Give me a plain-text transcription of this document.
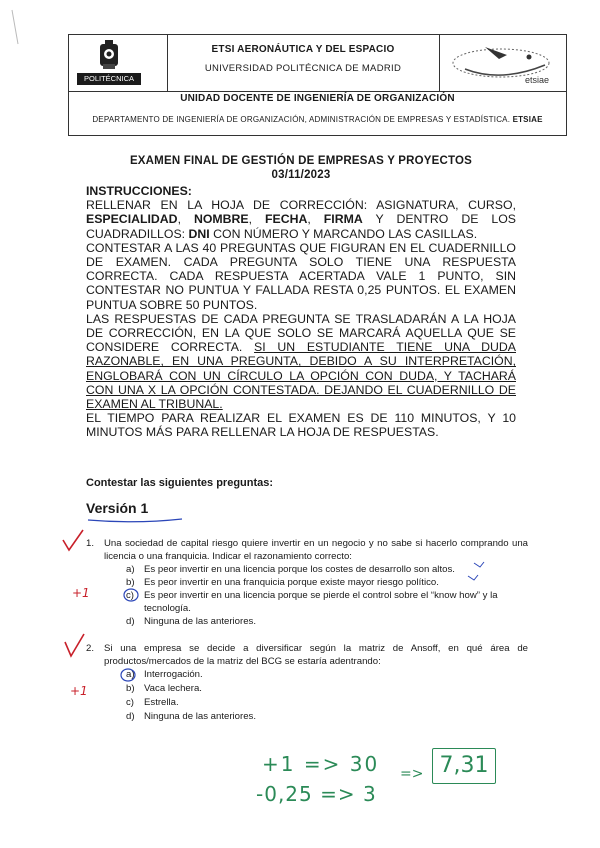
POLITÉCNICA
ETSI AERONÁUTICA Y DEL ESPACIO
UNIVERSIDAD POLITÉCNICA DE MADRID
etsiae
UNIDAD DOCENTE DE INGENIERÍA DE ORGANIZACIÓN
DEPARTAMENTO DE INGENIERÍA DE ORGANIZACIÓN, ADMINISTRACIÓN DE EMPRESAS Y ESTADÍSTICA. ETSIAE
EXAMEN FINAL DE GESTIÓN DE EMPRESAS Y PROYECTOS
03/11/2023

INSTRUCCIONES:

RELLENAR EN LA HOJA DE CORRECCIÓN: ASIGNATURA, CURSO, ESPECIALIDAD, NOMBRE, FECHA, FIRMA Y DENTRO DE LOS CUADRADILLOS: DNI CON NÚMERO Y MARCANDO LAS CASILLAS.

CONTESTAR A LAS 40 PREGUNTAS QUE FIGURAN EN EL CUADERNILLO DE EXAMEN. CADA PREGUNTA SOLO TIENE UNA RESPUESTA CORRECTA. CADA RESPUESTA ACERTADA VALE 1 PUNTO, SIN CONTESTAR NO PUNTUA Y FALLADA RESTA 0,25 PUNTOS. EL EXAMEN PUNTUA SOBRE 50 PUNTOS.

LAS RESPUESTAS DE CADA PREGUNTA SE TRASLADARÁN A LA HOJA DE CORRECCIÓN, EN LA QUE SOLO SE MARCARÁ AQUELLA QUE SE CONSIDERE CORRECTA. SI UN ESTUDIANTE TIENE UNA DUDA RAZONABLE, EN UNA PREGUNTA, DEBIDO A SU INTERPRETACIÓN, ENGLOBARÁ CON UN CÍRCULO LA OPCIÓN CON DUDA, Y TACHARÁ CON UNA X LA OPCIÓN CONTESTADA. DEJANDO EL CUADERNILLO DE EXAMEN AL TRIBUNAL.

EL TIEMPO PARA REALIZAR EL EXAMEN ES DE 110 MINUTOS, Y 10 MINUTOS MÁS PARA RELLENAR LA HOJA DE RESPUESTAS.

Contestar las siguientes preguntas:
Versión 1
1. Una sociedad de capital riesgo quiere invertir en un negocio y no sabe si hacerlo comprando una licencia o una franquicia. Indicar el razonamiento correcto:
a) Es peor invertir en una licencia porque los costes de desarrollo son altos.
b) Es peor invertir en una franquicia porque existe mayor riesgo político.
c)	Es peor invertir en una licencia porque se pierde el control sobre el “know how” y la tecnología.
d) Ninguna de las anteriores.
2. Si una empresa se decide a diversificar según la matriz de Ansoff, en qué área de productos/mercados de la matriz del BCG se estaría adentrando:
a) Interrogación.
b) Vaca lechera.
c)	Estrella.
d) Ninguna de las anteriores.
+1
+1
+1 => 30
-0,25 => 3
=> 7,31
